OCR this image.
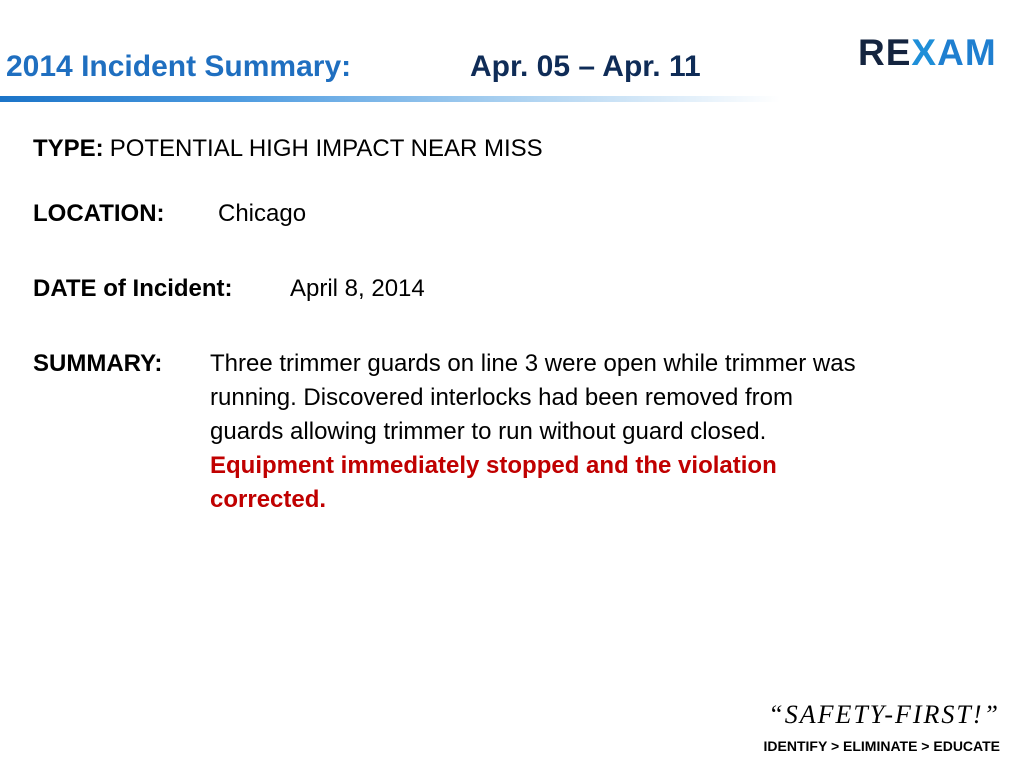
2014 Incident Summary:	Apr. 05 – Apr. 11	REXAM
TYPE: POTENTIAL HIGH IMPACT NEAR MISS
LOCATION: Chicago
DATE of Incident: April 8, 2014
SUMMARY: Three trimmer guards on line 3 were open while trimmer was
running. Discovered interlocks had been removed from
guards allowing trimmer to run without guard closed.
Equipment immediately stopped and the violation
corrected.
“SAFETY-FIRST!”
IDENTIFY > ELIMINATE > EDUCATE
